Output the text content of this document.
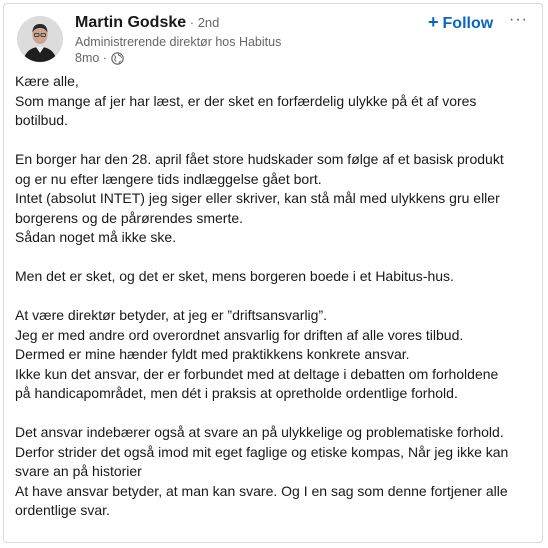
Martin Godske · 2nd
Administrerende direktør hos Habitus
8mo ·
+ Follow ···

Kære alle,

Som mange af jer har læst, er der sket en forfærdelig ulykke på ét af vores

botilbud.

En borger har den 28. april fået store hudskader som følge af et basisk produkt

og er nu efter længere tids indlæggelse gået bort.

Intet (absolut INTET) jeg siger eller skriver, kan stå mål med ulykkens gru eller

borgerens og de pårørendes smerte.

Sådan noget må ikke ske.

Men det er sket, og det er sket, mens borgeren boede i et Habitus-hus.

At være direktør betyder, at jeg er ”driftsansvarlig”.

Jeg er med andre ord overordnet ansvarlig for driften af alle vores tilbud.

Dermed er mine hænder fyldt med praktikkens konkrete ansvar.

Ikke kun det ansvar, der er forbundet med at deltage i debatten om forholdene

på handicapområdet, men dét i praksis at opretholde ordentlige forhold.

Det ansvar indebærer også at svare an på ulykkelige og problematiske forhold.

Derfor strider det også imod mit eget faglige og etiske kompas, Når jeg ikke kan

svare an på historier

At have ansvar betyder, at man kan svare. Og I en sag som denne fortjener alle

ordentlige svar.
